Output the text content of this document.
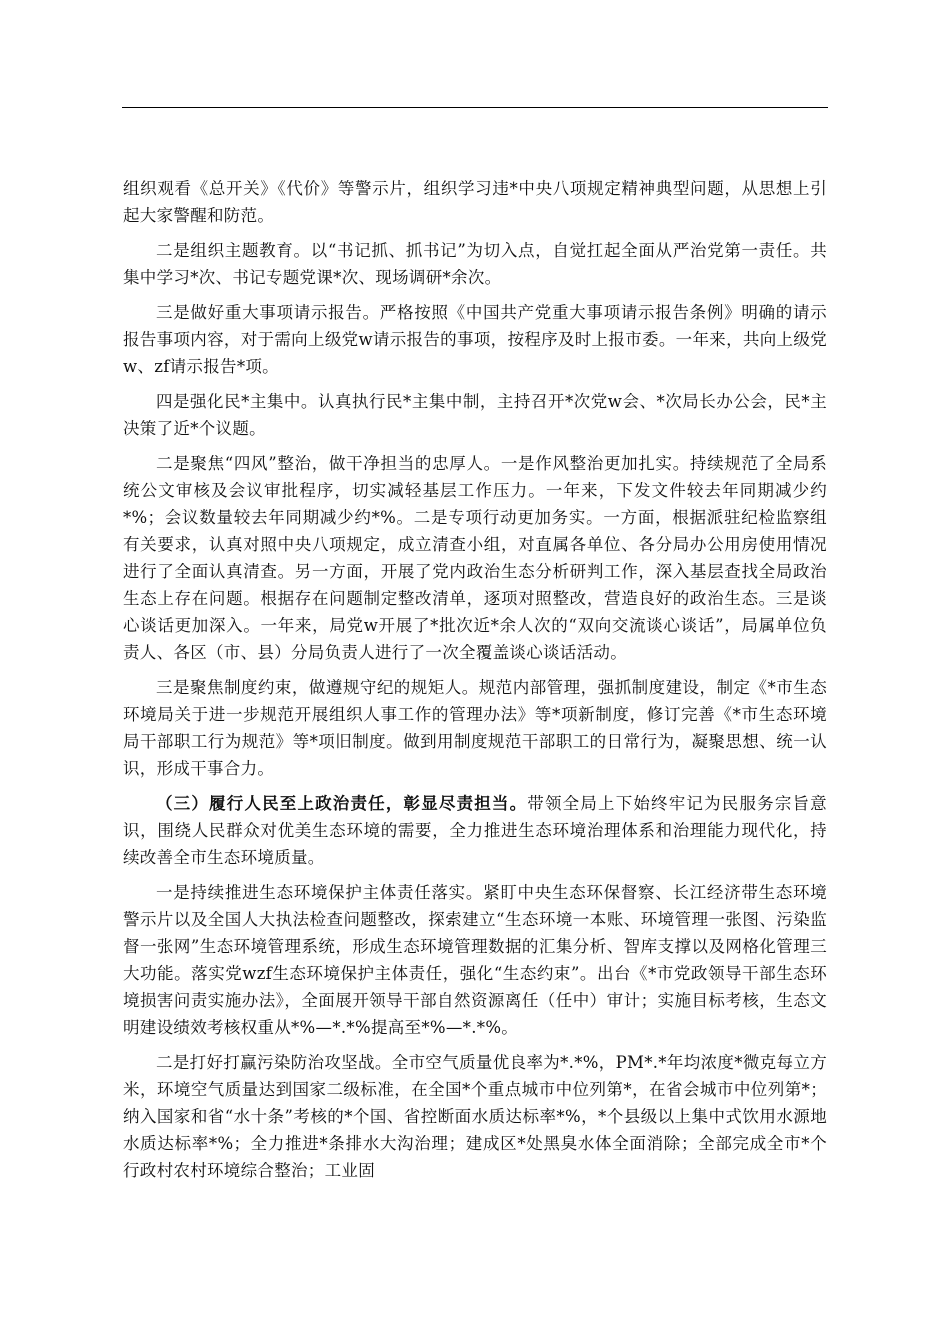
组织观看《总开关》《代价》等警示片，组织学习违*中央八项规定精神典型问题，从思想上引起大家警醒和防范。

二是组织主题教育。以“书记抓、抓书记”为切入点，自觉扛起全面从严治党第一责任。共集中学习*次、书记专题党课*次、现场调研*余次。

三是做好重大事项请示报告。严格按照《中国共产党重大事项请示报告条例》明确的请示报告事项内容，对于需向上级党w请示报告的事项，按程序及时上报市委。一年来，共向上级党w、zf请示报告*项。

四是强化民*主集中。认真执行民*主集中制，主持召开*次党w会、*次局长办公会，民*主决策了近*个议题。

二是聚焦“四风”整治，做干净担当的忠厚人。一是作风整治更加扎实。持续规范了全局系统公文审核及会议审批程序，切实减轻基层工作压力。一年来，下发文件较去年同期减少约*%；会议数量较去年同期减少约*%。二是专项行动更加务实。一方面，根据派驻纪检监察组有关要求，认真对照中央八项规定，成立清查小组，对直属各单位、各分局办公用房使用情况进行了全面认真清查。另一方面，开展了党内政治生态分析研判工作，深入基层查找全局政治生态上存在问题。根据存在问题制定整改清单，逐项对照整改，营造良好的政治生态。三是谈心谈话更加深入。一年来，局党w开展了*批次近*余人次的“双向交流谈心谈话”，局属单位负责人、各区（市、县）分局负责人进行了一次全覆盖谈心谈话活动。

三是聚焦制度约束，做遵规守纪的规矩人。规范内部管理，强抓制度建设，制定《*市生态环境局关于进一步规范开展组织人事工作的管理办法》等*项新制度，修订完善《*市生态环境局干部职工行为规范》等*项旧制度。做到用制度规范干部职工的日常行为，凝聚思想、统一认识，形成干事合力。

（三）履行人民至上政治责任，彰显尽责担当。带领全局上下始终牢记为民服务宗旨意识，围绕人民群众对优美生态环境的需要，全力推进生态环境治理体系和治理能力现代化，持续改善全市生态环境质量。

一是持续推进生态环境保护主体责任落实。紧盯中央生态环保督察、长江经济带生态环境警示片以及全国人大执法检查问题整改，探索建立“生态环境一本账、环境管理一张图、污染监督一张网”生态环境管理系统，形成生态环境管理数据的汇集分析、智库支撑以及网格化管理三大功能。落实党wzf生态环境保护主体责任，强化“生态约束”。出台《*市党政领导干部生态环境损害问责实施办法》，全面展开领导干部自然资源离任（任中）审计；实施目标考核，生态文明建设绩效考核权重从*%—*.*%提高至*%—*.*%。

二是打好打赢污染防治攻坚战。全市空气质量优良率为*.*%，PM*.*年均浓度*微克每立方米，环境空气质量达到国家二级标准，在全国*个重点城市中位列第*，在省会城市中位列第*；纳入国家和省“水十条”考核的*个国、省控断面水质达标率*%，*个县级以上集中式饮用水源地水质达标率*%；全力推进*条排水大沟治理；建成区*处黑臭水体全面消除；全部完成全市*个行政村农村环境综合整治；工业固
